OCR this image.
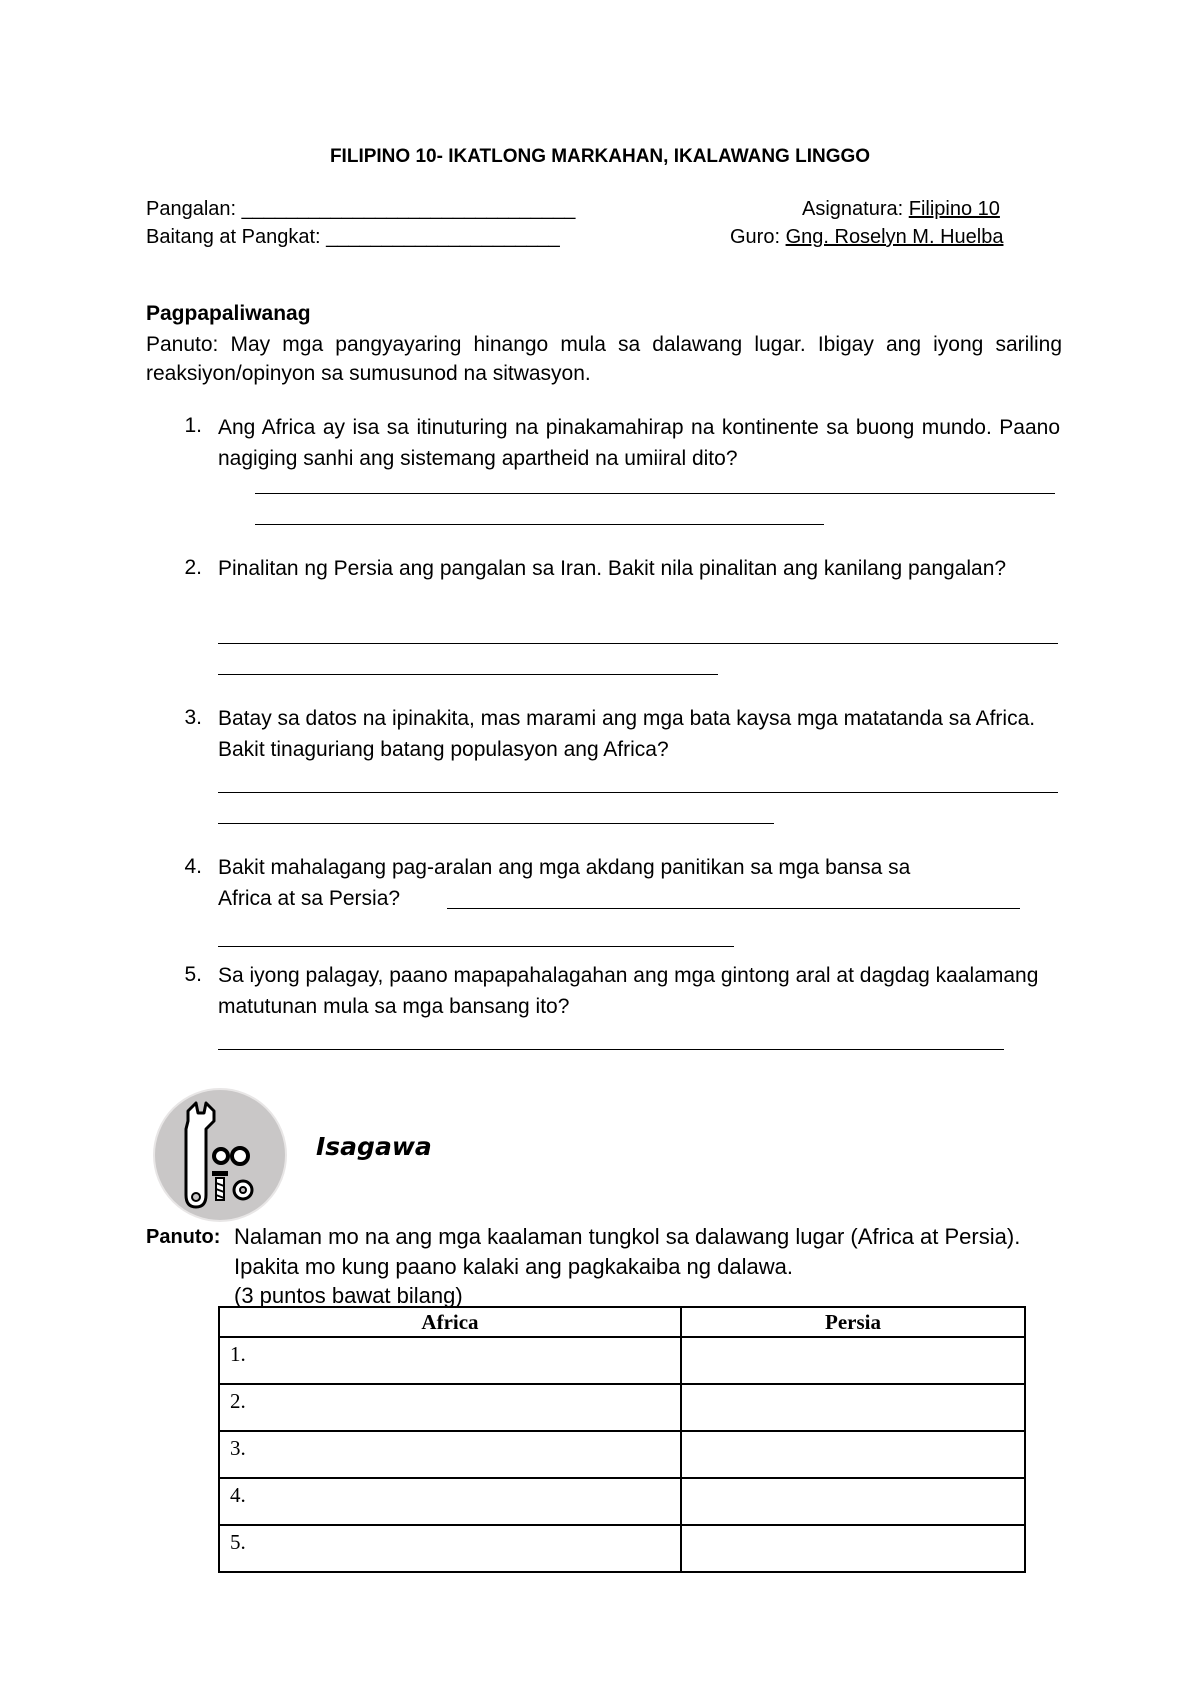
FILIPINO 10- IKATLONG MARKAHAN, IKALAWANG LINGGO
Pangalan: ______________________________	Asignatura: Filipino 10
Baitang at Pangkat: _____________________	Guro: Gng. Roselyn M. Huelba
Pagpapaliwanag
Panuto: May mga pangyayaring hinango mula sa dalawang lugar. Ibigay ang iyong sariling reaksiyon/opinyon sa sumusunod na sitwasyon.
1. Ang Africa ay isa sa itinuturing na pinakamahirap na kontinente sa buong mundo. Paano nagiging sanhi ang sistemang apartheid na umiiral dito?
2. Pinalitan ng Persia ang pangalan sa Iran. Bakit nila pinalitan ang kanilang pangalan?
3. Batay sa datos na ipinakita, mas marami ang mga bata kaysa mga matatanda sa Africa. Bakit tinaguriang batang populasyon ang Africa?
4. Bakit mahalagang pag-aralan ang mga akdang panitikan sa mga bansa sa
Africa at sa Persia?
5. Sa iyong palagay, paano mapapahalagahan ang mga gintong aral at dagdag kaalamang matutunan mula sa mga bansang ito?
Isagawa
Panuto: Nalaman mo na ang mga kaalaman tungkol sa dalawang lugar (Africa at Persia). Ipakita mo kung paano kalaki ang pagkakaiba ng dalawa.
(3 puntos bawat bilang)
Africa	Persia
1.	
2.	
3.	
4.	
5.	
